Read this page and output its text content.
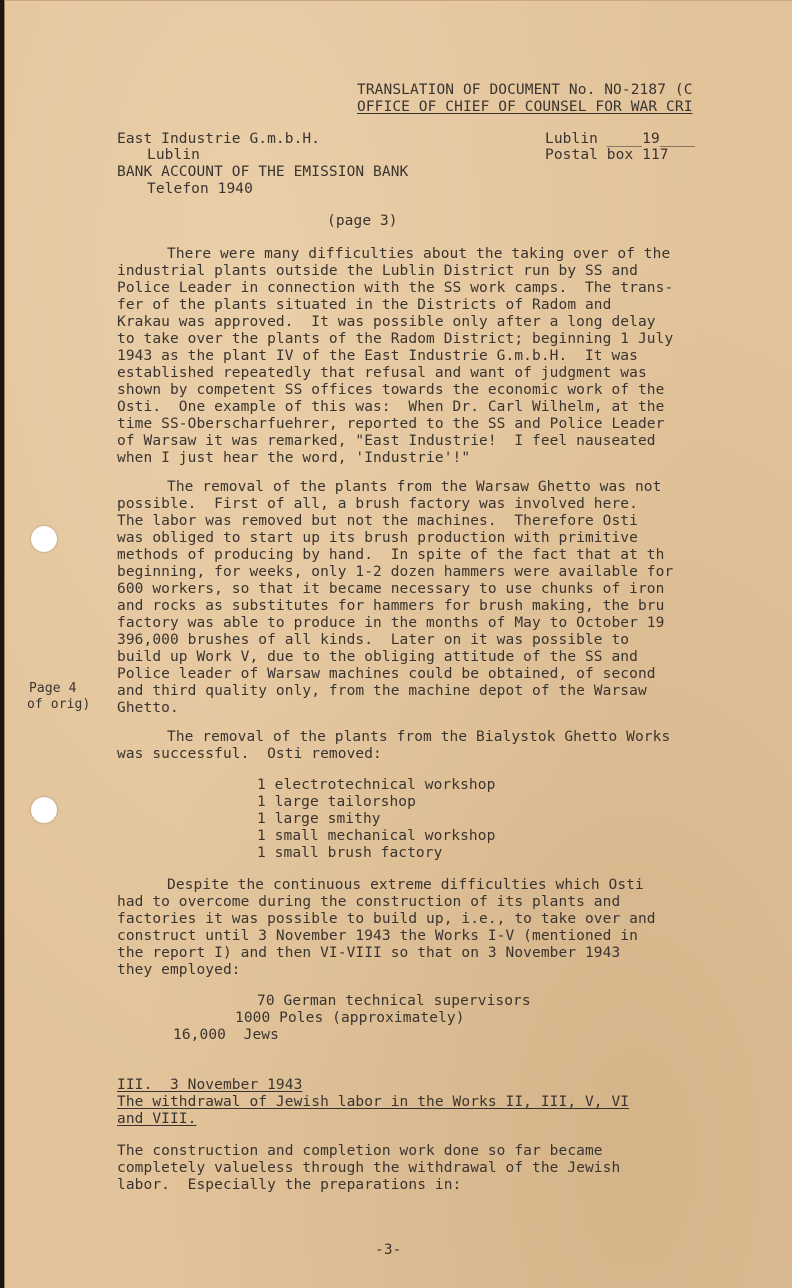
TRANSLATION OF DOCUMENT No. NO-2187 (C
OFFICE OF CHIEF OF COUNSEL FOR WAR CRI
East Industrie G.m.b.H.
Lublin
BANK ACCOUNT OF THE EMISSION BANK
Telefon 1940
Lublin ____19____
Postal box 117
(page 3)
There were many difficulties about the taking over of the
industrial plants outside the Lublin District run by SS and
Police Leader in connection with the SS work camps.  The trans-
fer of the plants situated in the Districts of Radom and
Krakau was approved.  It was possible only after a long delay
to take over the plants of the Radom District; beginning 1 July
1943 as the plant IV of the East Industrie G.m.b.H.  It was
established repeatedly that refusal and want of judgment was
shown by competent SS offices towards the economic work of the
Osti.  One example of this was:  When Dr. Carl Wilhelm, at the
time SS-Oberscharfuehrer, reported to the SS and Police Leader
of Warsaw it was remarked, "East Industrie!  I feel nauseated
when I just hear the word, 'Industrie'!"
The removal of the plants from the Warsaw Ghetto was not
possible.  First of all, a brush factory was involved here.
The labor was removed but not the machines.  Therefore Osti
was obliged to start up its brush production with primitive
methods of producing by hand.  In spite of the fact that at th
beginning, for weeks, only 1-2 dozen hammers were available for
600 workers, so that it became necessary to use chunks of iron
and rocks as substitutes for hammers for brush making, the bru
factory was able to produce in the months of May to October 19
396,000 brushes of all kinds.  Later on it was possible to
build up Work V, due to the obliging attitude of the SS and
Police leader of Warsaw machines could be obtained, of second
and third quality only, from the machine depot of the Warsaw
Ghetto.
Page 4
of orig)
The removal of the plants from the Bialystok Ghetto Works
was successful.  Osti removed:
1 electrotechnical workshop
1 large tailorshop
1 large smithy
1 small mechanical workshop
1 small brush factory
Despite the continuous extreme difficulties which Osti
had to overcome during the construction of its plants and
factories it was possible to build up, i.e., to take over and
construct until 3 November 1943 the Works I-V (mentioned in
the report I) and then VI-VIII so that on 3 November 1943
they employed:
70 German technical supervisors
1000 Poles (approximately)
16,000  Jews
III.  3 November 1943
The withdrawal of Jewish labor in the Works II, III, V, VI
and VIII.
The construction and completion work done so far became
completely valueless through the withdrawal of the Jewish
labor.  Especially the preparations in:
-3-
